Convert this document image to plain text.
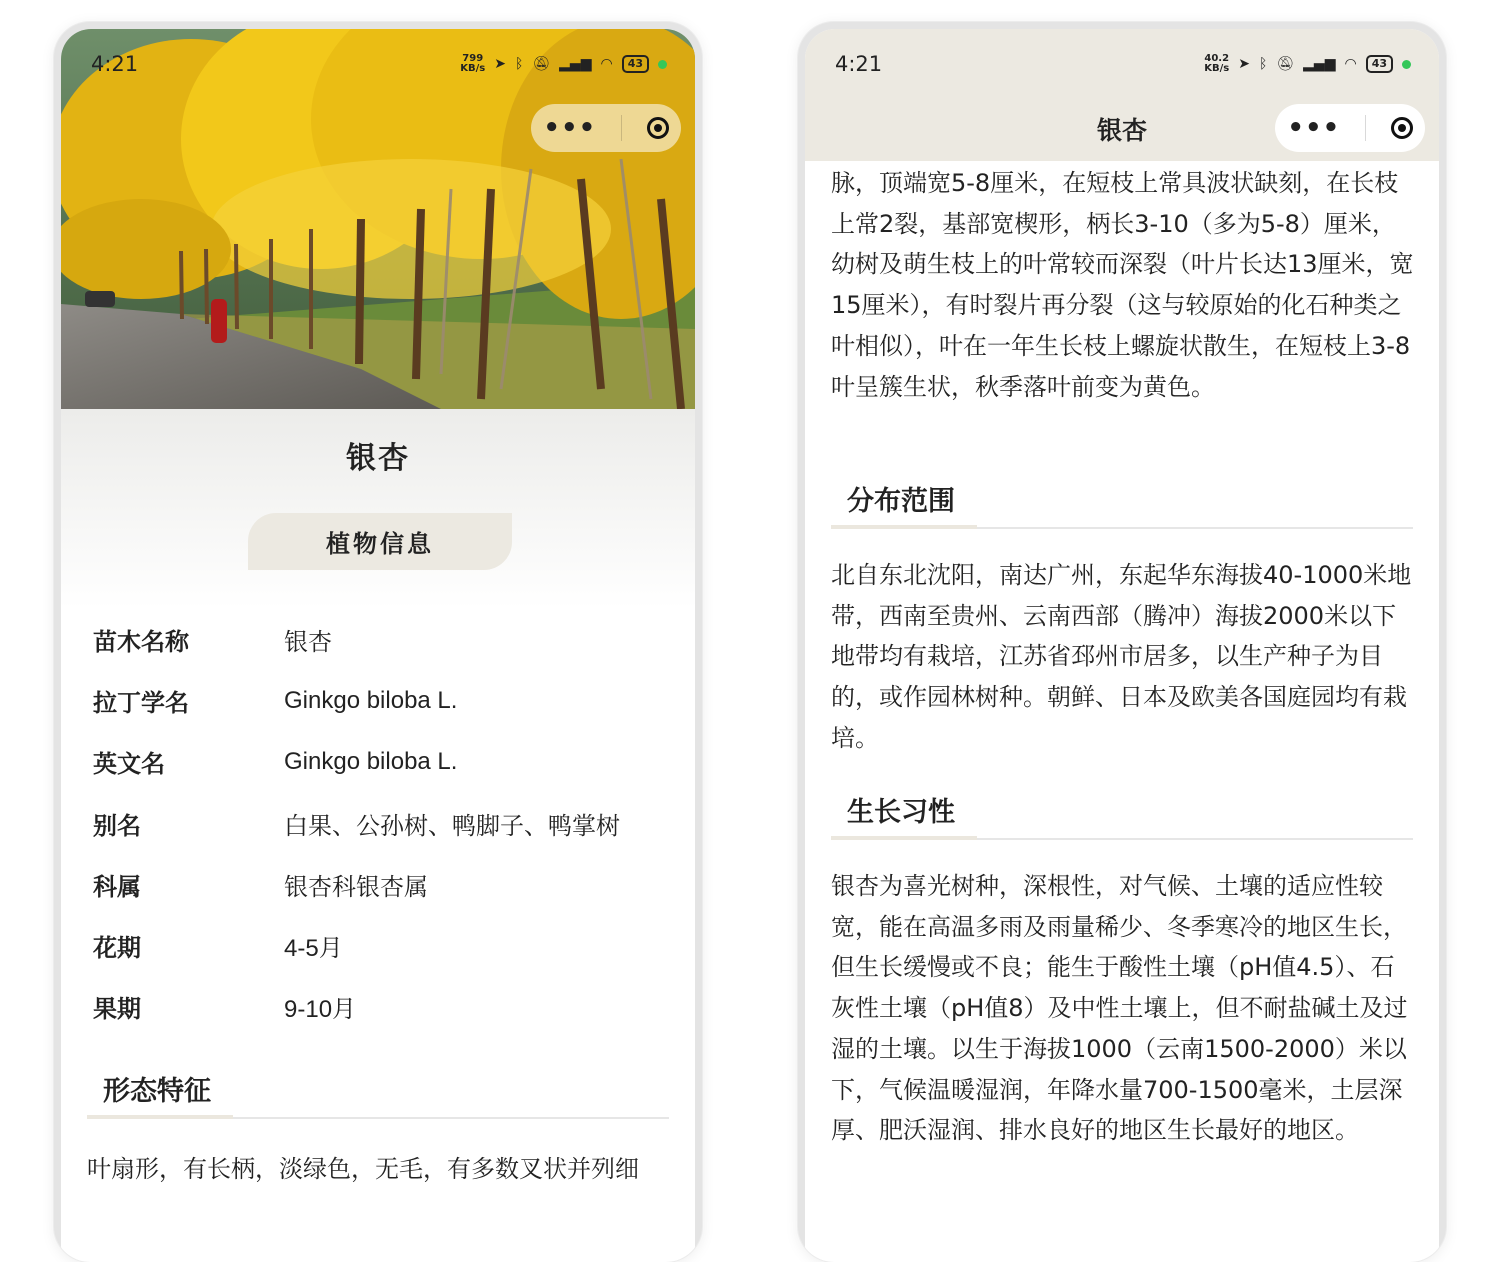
4:21	799
KB/s ➤ ᛒ 🔕︎ ▂▄▆ ◠	43
•••
银杏
植物信息
苗木名称	银杏
拉丁学名	Ginkgo biloba L.
英文名	Ginkgo biloba L.
别名	白果、公孙树、鸭脚子、鸭掌树
科属	银杏科银杏属
花期	4-5月
果期	9-10月
形态特征
叶扇形，有长柄，淡绿色，无毛，有多数叉状并列细
脉，顶端宽5-8厘米，在短枝上常具波状缺刻，在长枝上常2裂，基部宽楔形，柄长3-10（多为5-8）厘米，幼树及萌生枝上的叶常较而深裂（叶片长达13厘米，宽15厘米），有时裂片再分裂（这与较原始的化石种类之叶相似），叶在一年生长枝上螺旋状散生，在短枝上3-8叶呈簇生状，秋季落叶前变为黄色。
分布范围
北自东北沈阳，南达广州，东起华东海拔40-1000米地带，西南至贵州、云南西部（腾冲）海拔2000米以下地带均有栽培，江苏省邳州市居多，以生产种子为目的，或作园林树种。朝鲜、日本及欧美各国庭园均有栽培。
生长习性
银杏为喜光树种，深根性，对气候、土壤的适应性较宽，能在高温多雨及雨量稀少、冬季寒冷的地区生长，但生长缓慢或不良；能生于酸性土壤（pH值4.5）、石灰性土壤（pH值8）及中性土壤上，但不耐盐碱土及过湿的土壤。以生于海拔1000（云南1500-2000）米以下，气候温暖湿润，年降水量700-1500毫米，土层深厚、肥沃湿润、排水良好的地区生长最好的地区。
4:21	40.2
KB/s ➤ ᛒ 🔕︎ ▂▄▆ ◠	43
银杏	•••
